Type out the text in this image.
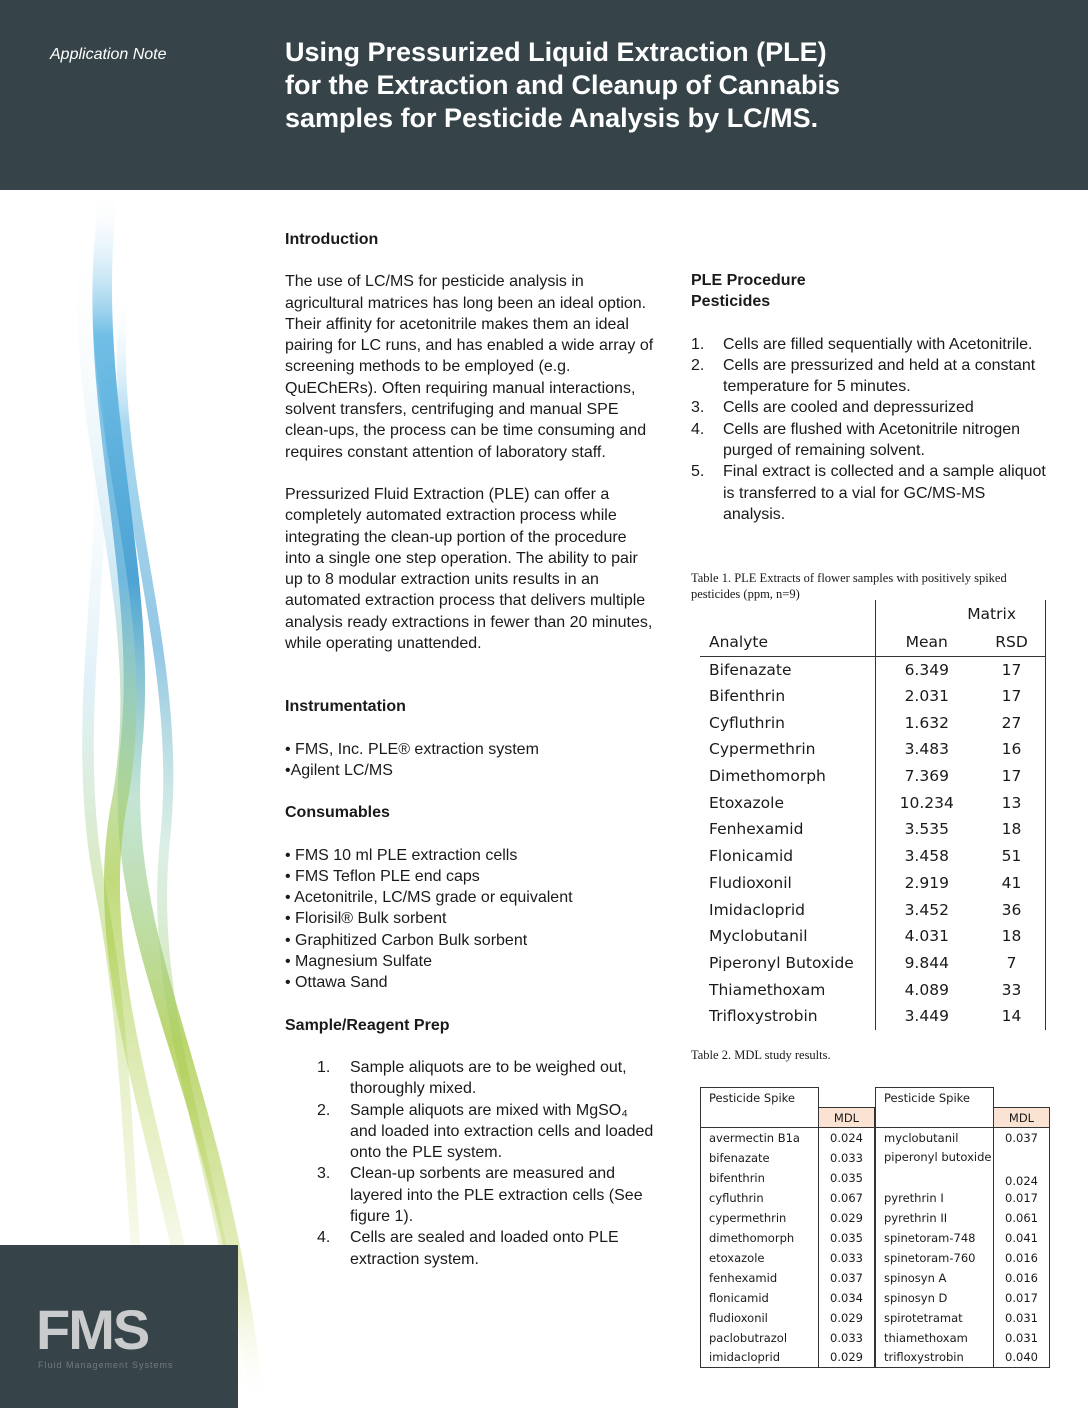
Application Note	Using Pressurized Liquid Extraction (PLE) for the Extraction and Cleanup of Cannabis samples for Pesticide Analysis by LC/MS.
FMS
Fluid Management Systems

Introduction

The use of LC/MS for pesticide analysis in agricultural matrices has long been an ideal option. Their affinity for acetonitrile makes them an ideal pairing for LC runs, and has enabled a wide array of screening methods to be employed (e.g. QuEChERs). Often requiring manual interactions, solvent transfers, centrifuging and manual SPE clean-ups, the process can be time consuming and requires constant attention of laboratory staff.

Pressurized Fluid Extraction (PLE) can offer a completely automated extraction process while integrating the clean-up portion of the procedure into a single one step operation. The ability to pair up to 8 modular extraction units results in an automated extraction process that delivers multiple analysis ready extractions in fewer than 20 minutes, while operating unattended.

Instrumentation

• FMS, Inc. PLE® extraction system

•Agilent LC/MS

Consumables

• FMS 10 ml PLE extraction cells

• FMS Teflon PLE end caps

• Acetonitrile, LC/MS grade or equivalent

• Florisil® Bulk sorbent

• Graphitized Carbon Bulk sorbent

• Magnesium Sulfate

• Ottawa Sand

Sample/Reagent Prep

1. Sample aliquots are to be weighed out, thoroughly mixed.
2. Sample aliquots are mixed with MgSO₄ and loaded into extraction cells and loaded onto the PLE system.
3. Clean-up sorbents are measured and layered into the PLE extraction cells (See figure 1).
4. Cells are sealed and loaded onto PLE extraction system.

PLE Procedure

Pesticides

1. Cells are filled sequentially with Acetonitrile.
2. Cells are pressurized and held at a constant temperature for 5 minutes.
3. Cells are cooled and depressurized
4. Cells are flushed with Acetonitrile nitrogen purged of remaining solvent.
5. Final extract is collected and a sample aliquot is transferred to a vial for GC/MS-MS analysis.
Table 1. PLE Extracts of flower samples with positively spiked pesticides (ppm, n=9)
	Matrix	
Analyte	Mean	RSD
Bifenazate	6.349	17
Bifenthrin	2.031	17
Cyfluthrin	1.632	27
Cypermethrin	3.483	16
Dimethomorph	7.369	17
Etoxazole	10.234	13
Fenhexamid	3.535	18
Flonicamid	3.458	51
Fludioxonil	2.919	41
Imidacloprid	3.452	36
Myclobutanil	4.031	18
Piperonyl Butoxide	9.844	7
Thiamethoxam	4.089	33
Trifloxystrobin	3.449	14
Table 2. MDL study results.
Pesticide Spike	
	MDL
avermectin B1a	0.024
bifenazate	0.033
bifenthrin	0.035
cyfluthrin	0.067
cypermethrin	0.029
dimethomorph	0.035
etoxazole	0.033
fenhexamid	0.037
flonicamid	0.034
fludioxonil	0.029
paclobutrazol	0.033
imidacloprid	0.029
Pesticide Spike	
	MDL
myclobutanil	0.037
piperonyl butoxide	0.024
pyrethrin I	0.017
pyrethrin II	0.061
spinetoram-748	0.041
spinetoram-760	0.016
spinosyn A	0.016
spinosyn D	0.017
spirotetramat	0.031
thiamethoxam	0.031
trifloxystrobin	0.040
